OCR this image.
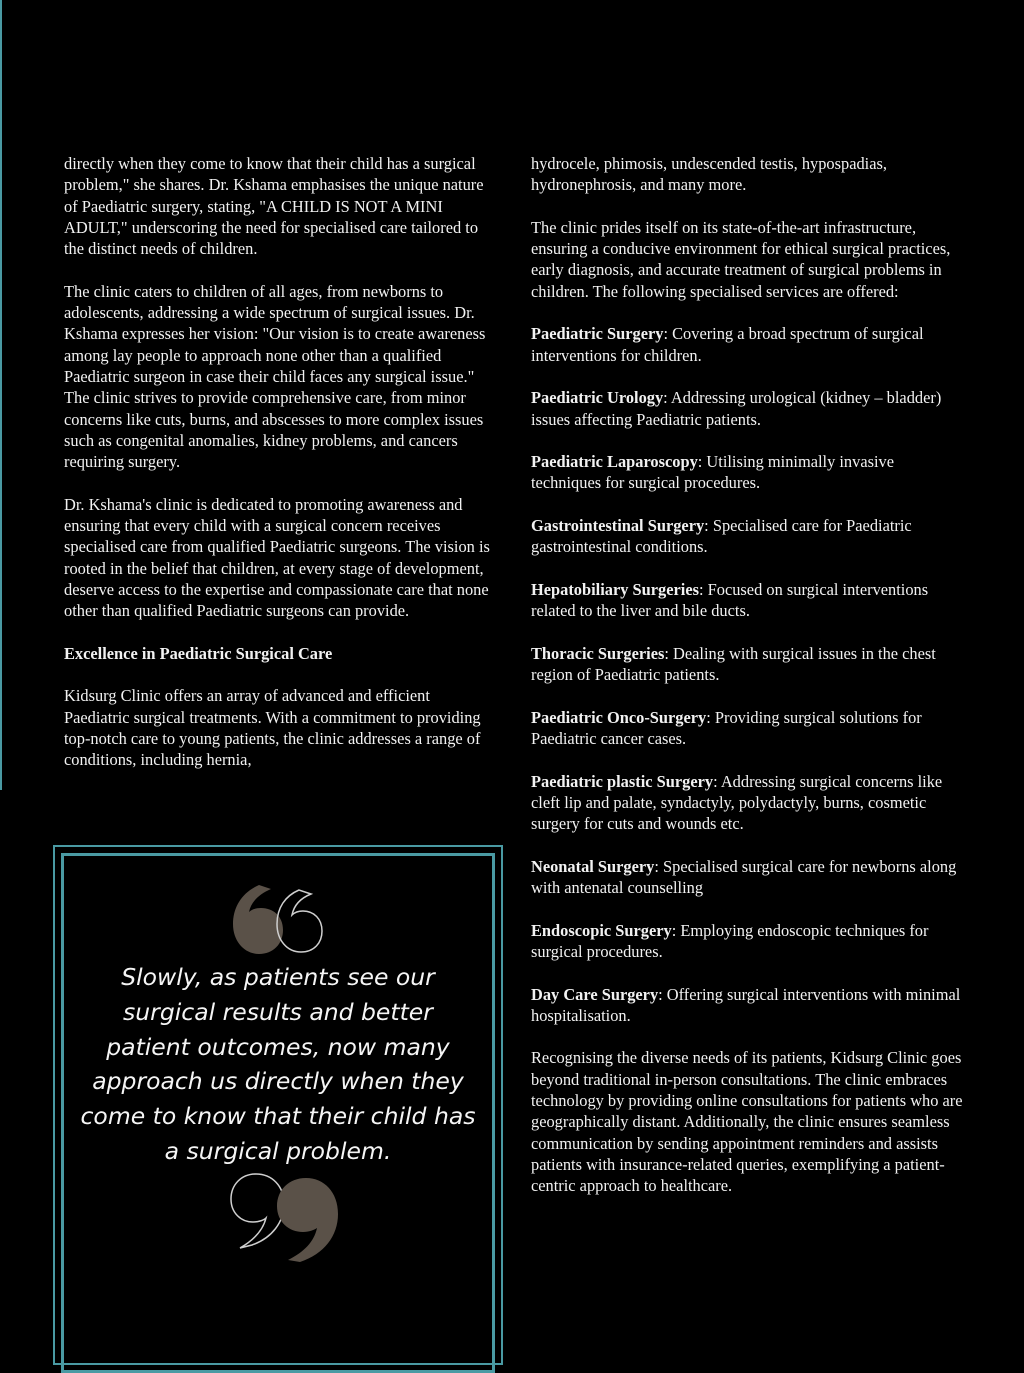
directly when they come to know that their child has a surgical problem," she shares. Dr. Kshama emphasises the unique nature of Paediatric surgery, stating, "A CHILD IS NOT A MINI ADULT," underscoring the need for specialised care tailored to the distinct needs of children.

The clinic caters to children of all ages, from newborns to adolescents, addressing a wide spectrum of surgical issues. Dr. Kshama expresses her vision: "Our vision is to create awareness among lay people to approach none other than a qualified Paediatric surgeon in case their child faces any surgical issue." The clinic strives to provide comprehensive care, from minor concerns like cuts, burns, and abscesses to more complex issues such as congenital anomalies, kidney problems, and cancers requiring surgery.

Dr. Kshama's clinic is dedicated to promoting awareness and ensuring that every child with a surgical concern receives specialised care from qualified Paediatric surgeons. The vision is rooted in the belief that children, at every stage of development, deserve access to the expertise and compassionate care that none other than qualified Paediatric surgeons can provide.

Excellence in Paediatric Surgical Care

Kidsurg Clinic offers an array of advanced and efficient Paediatric surgical treatments. With a commitment to providing top-notch care to young patients, the clinic addresses a range of conditions, including hernia,

hydrocele, phimosis, undescended testis, hypospadias, hydronephrosis, and many more.

The clinic prides itself on its state-of-the-art infrastructure, ensuring a conducive environment for ethical surgical practices, early diagnosis, and accurate treatment of surgical problems in children. The following specialised services are offered:

Paediatric Surgery: Covering a broad spectrum of surgical interventions for children.

Paediatric Urology: Addressing urological (kidney – bladder) issues affecting Paediatric patients.

Paediatric Laparoscopy: Utilising minimally invasive techniques for surgical procedures.

Gastrointestinal Surgery: Specialised care for Paediatric gastrointestinal conditions.

Hepatobiliary Surgeries: Focused on surgical interventions related to the liver and bile ducts.

Thoracic Surgeries: Dealing with surgical issues in the chest region of Paediatric patients.

Paediatric Onco-Surgery: Providing surgical solutions for Paediatric cancer cases.

Paediatric plastic Surgery: Addressing surgical concerns like cleft lip and palate, syndactyly, polydactyly, burns, cosmetic surgery for cuts and wounds etc.

Neonatal Surgery: Specialised surgical care for newborns along with antenatal counselling

Endoscopic Surgery: Employing endoscopic techniques for surgical procedures.

Day Care Surgery: Offering surgical interventions with minimal hospitalisation.

Recognising the diverse needs of its patients, Kidsurg Clinic goes beyond traditional in-person consultations. The clinic embraces technology by providing online consultations for patients who are geographically distant. Additionally, the clinic ensures seamless communication by sending appointment reminders and assists patients with insurance-related queries, exemplifying a patient-centric approach to healthcare.

Slowly, as patients see our surgical results and better patient outcomes, now many approach us directly when they come to know that their child has a surgical problem.
